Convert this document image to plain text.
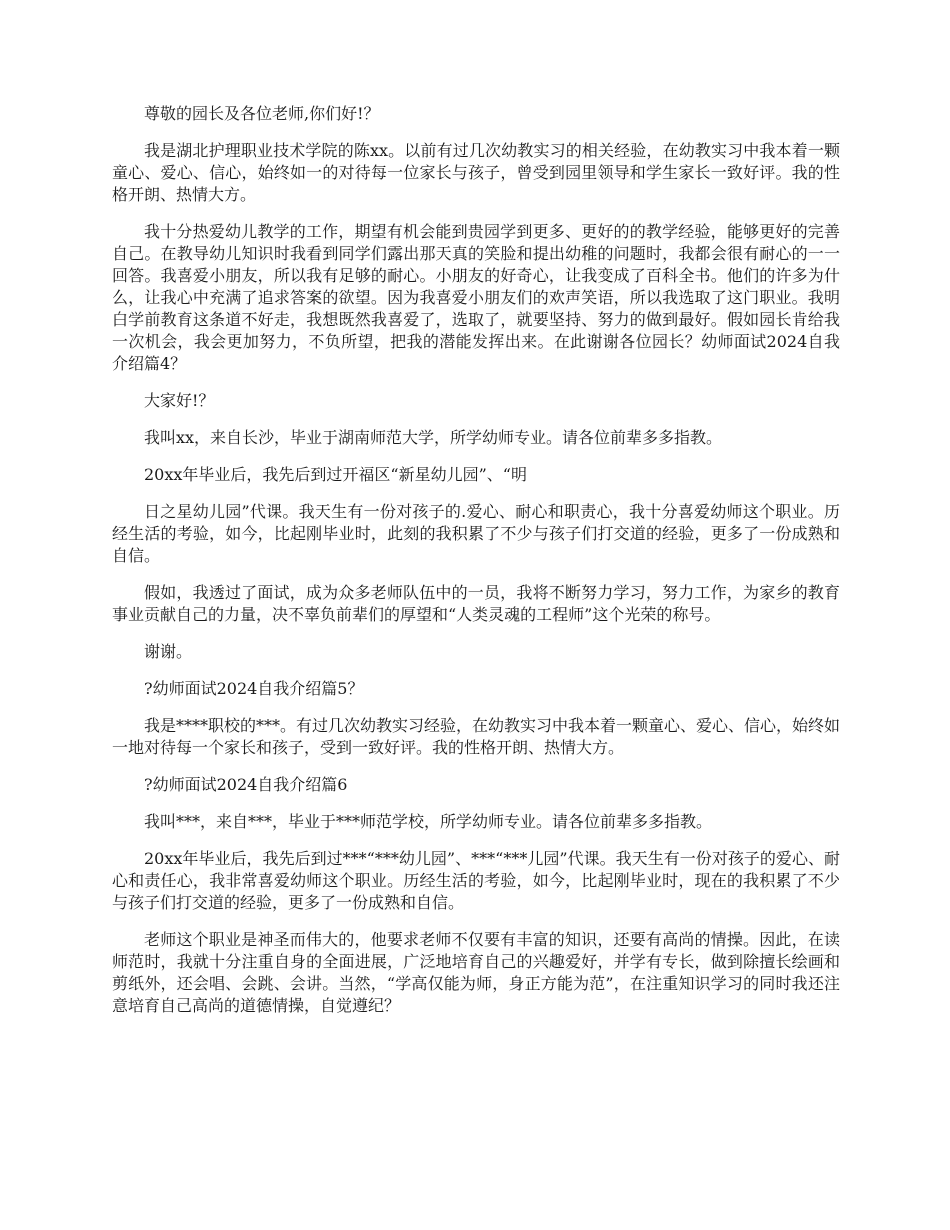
尊敬的园长及各位老师,你们好!？

我是湖北护理职业技术学院的陈xx。以前有过几次幼教实习的相关经验，在幼教实习中我本着一颗童心、爱心、信心，始终如一的对待每一位家长与孩子，曾受到园里领导和学生家长一致好评。我的性格开朗、热情大方。

我十分热爱幼儿教学的工作，期望有机会能到贵园学到更多、更好的的教学经验，能够更好的完善自己。在教导幼儿知识时我看到同学们露出那天真的笑脸和提出幼稚的问题时，我都会很有耐心的一一回答。我喜爱小朋友，所以我有足够的耐心。小朋友的好奇心，让我变成了百科全书。他们的许多为什么，让我心中充满了追求答案的欲望。因为我喜爱小朋友们的欢声笑语，所以我选取了这门职业。我明白学前教育这条道不好走，我想既然我喜爱了，选取了，就要坚持、努力的做到最好。假如园长肯给我一次机会，我会更加努力，不负所望，把我的潜能发挥出来。在此谢谢各位园长？幼师面试2024自我介绍篇4？

大家好!？

我叫xx，来自长沙，毕业于湖南师范大学，所学幼师专业。请各位前辈多多指教。

20xx年毕业后，我先后到过开福区“新星幼儿园”、“明

日之星幼儿园”代课。我天生有一份对孩子的.爱心、耐心和职责心，我十分喜爱幼师这个职业。历经生活的考验，如今，比起刚毕业时，此刻的我积累了不少与孩子们打交道的经验，更多了一份成熟和自信。

假如，我透过了面试，成为众多老师队伍中的一员，我将不断努力学习，努力工作，为家乡的教育事业贡献自己的力量，决不辜负前辈们的厚望和“人类灵魂的工程师”这个光荣的称号。

谢谢。

?幼师面试2024自我介绍篇5？

我是****职校的***。有过几次幼教实习经验，在幼教实习中我本着一颗童心、爱心、信心，始终如一地对待每一个家长和孩子，受到一致好评。我的性格开朗、热情大方。

?幼师面试2024自我介绍篇6

我叫***，来自***，毕业于***师范学校，所学幼师专业。请各位前辈多多指教。

20xx年毕业后，我先后到过***“***幼儿园”、***“***儿园”代课。我天生有一份对孩子的爱心、耐心和责任心，我非常喜爱幼师这个职业。历经生活的考验，如今，比起刚毕业时，现在的我积累了不少与孩子们打交道的经验，更多了一份成熟和自信。

老师这个职业是神圣而伟大的，他要求老师不仅要有丰富的知识，还要有高尚的情操。因此，在读师范时，我就十分注重自身的全面进展，广泛地培育自己的兴趣爱好，并学有专长，做到除擅长绘画和剪纸外，还会唱、会跳、会讲。当然，“学高仅能为师，身正方能为范”，在注重知识学习的同时我还注意培育自己高尚的道德情操，自觉遵纪？
